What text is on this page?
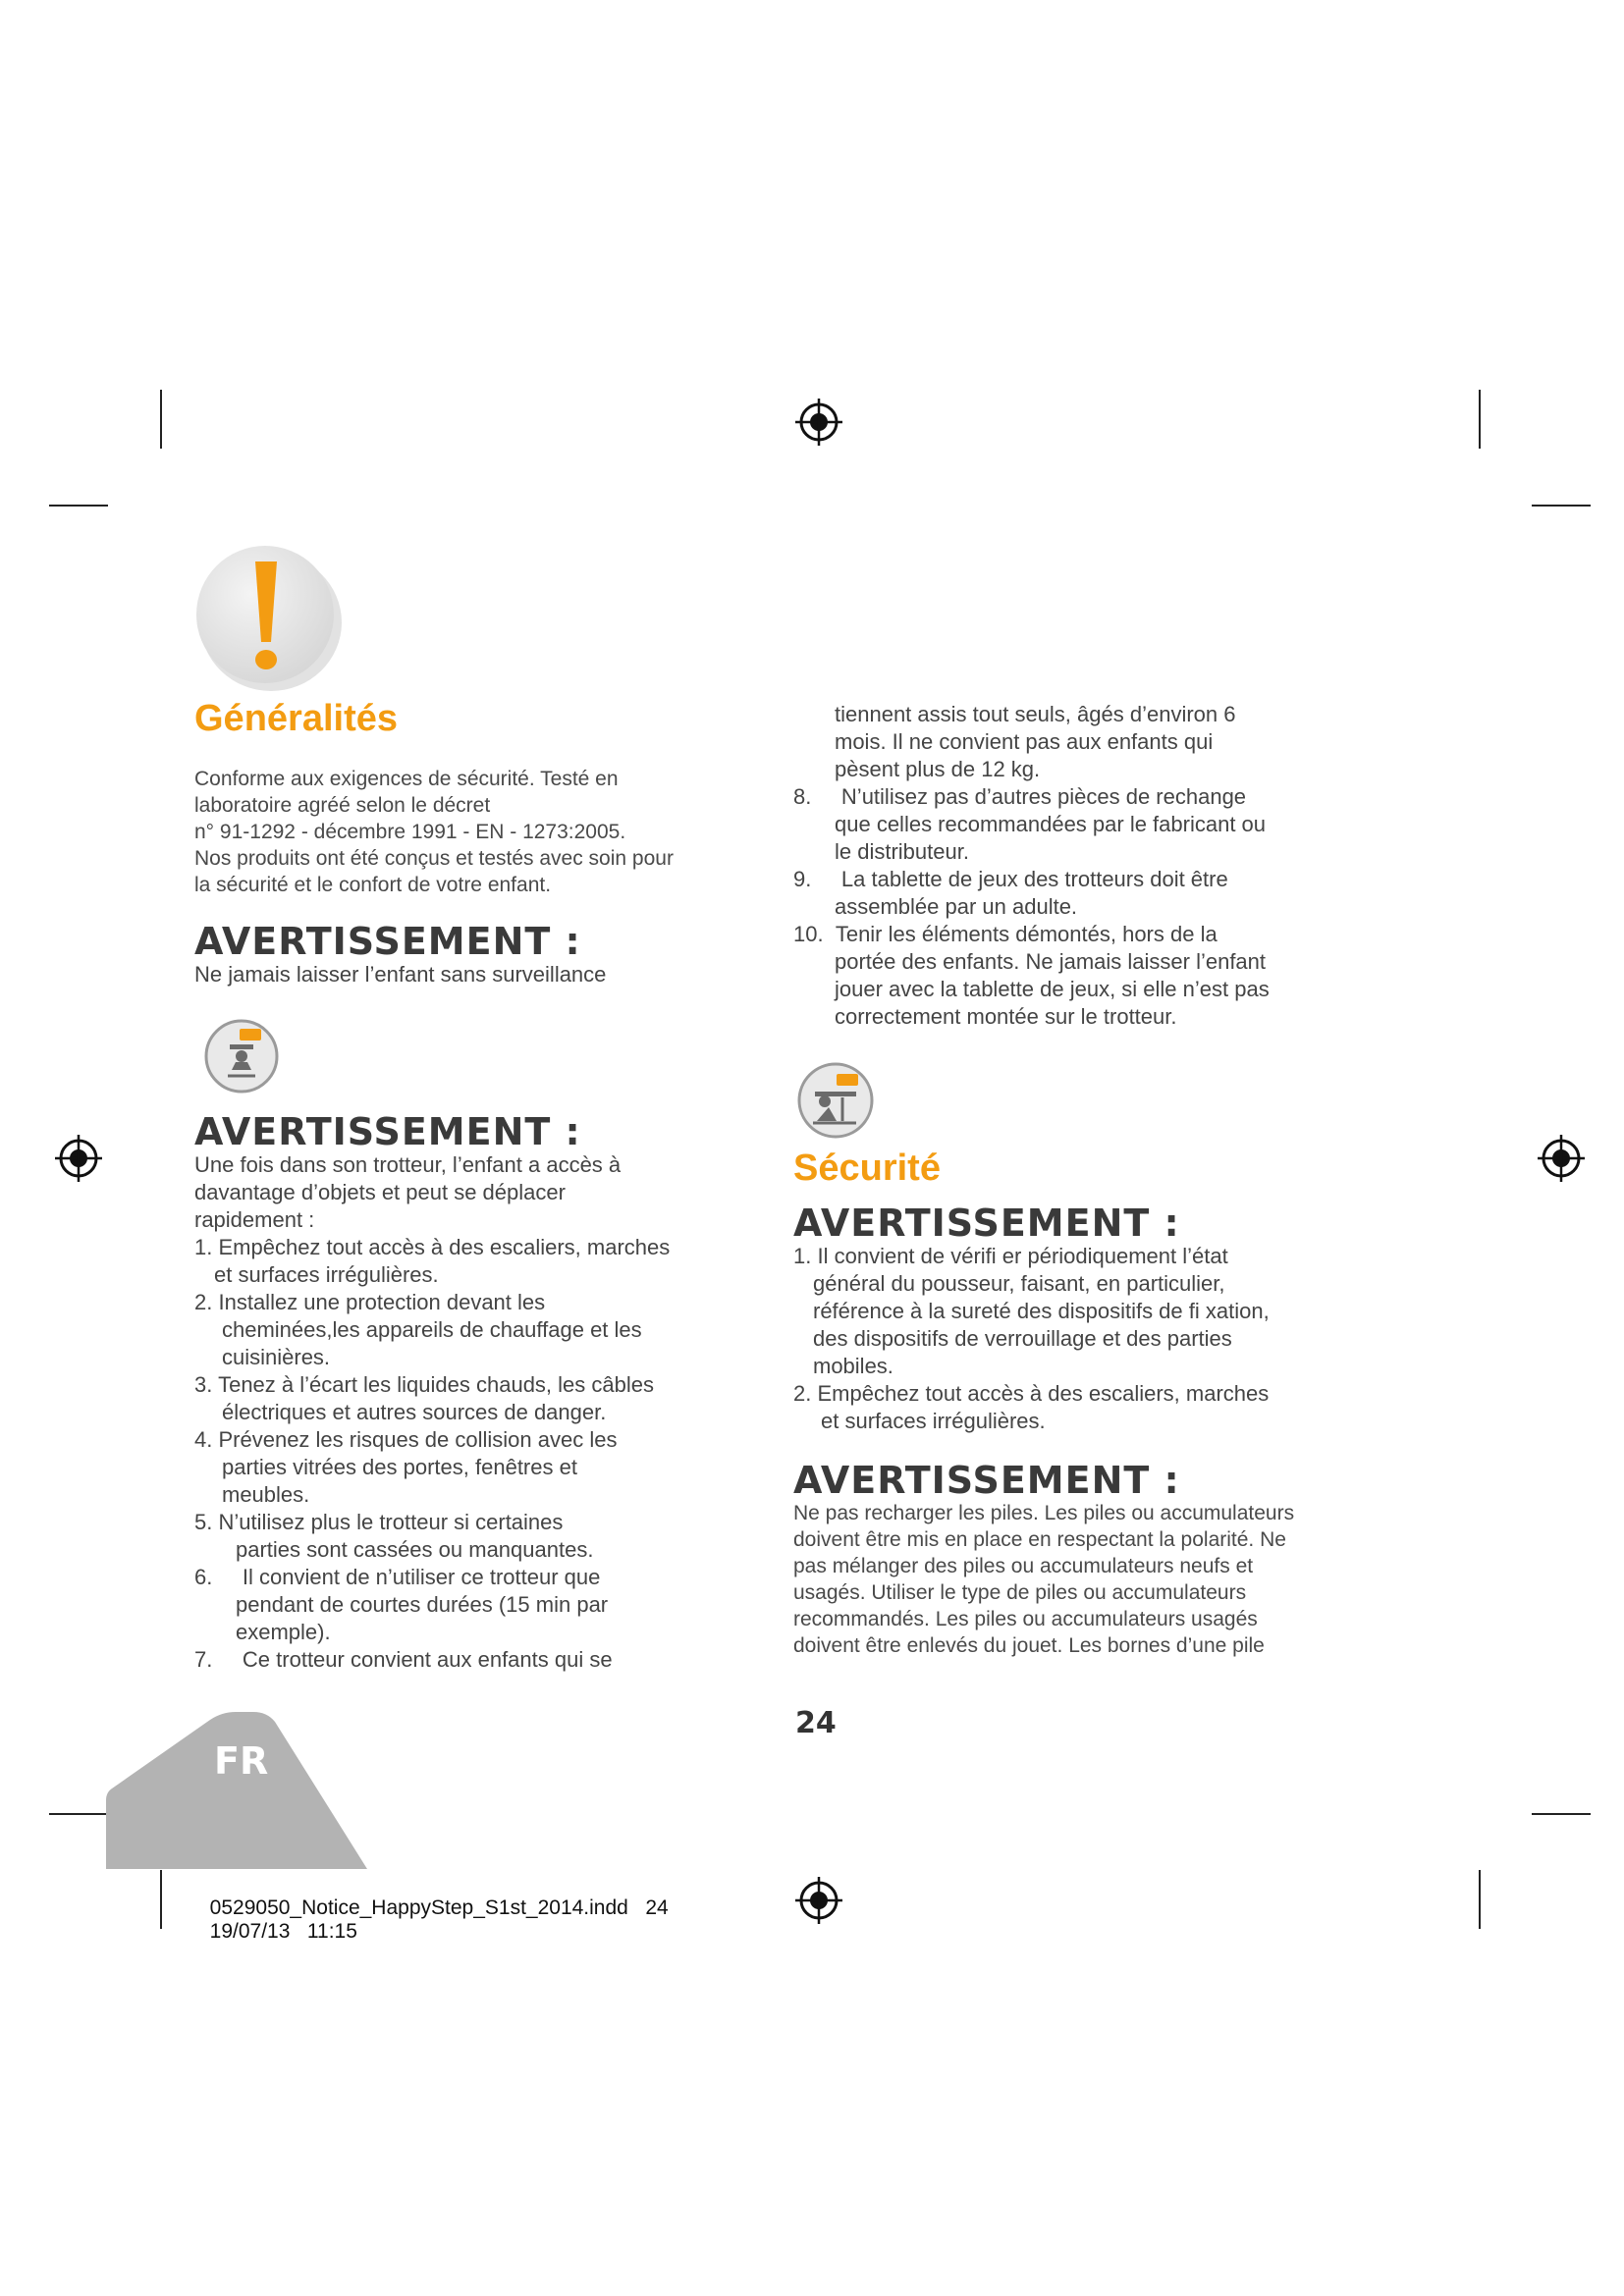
Généralités
Conforme aux exigences de sécurité. Testé en
laboratoire agréé selon le décret
n° 91-1292 - décembre 1991 - EN - 1273:2005.
Nos produits ont été conçus et testés avec soin pour
la sécurité et le confort de votre enfant.
AVERTISSEMENT :
Ne jamais laisser l’enfant sans surveillance
AVERTISSEMENT :
Une fois dans son trotteur, l’enfant a accès à
davantage d’objets et peut se déplacer
rapidement :
1. Empêchez tout accès à des escaliers, marches
et surfaces irrégulières.
2. Installez une protection devant les
cheminées,les appareils de chauffage et les
cuisinières.
3. Tenez à l’écart les liquides chauds, les câbles
électriques et autres sources de danger.
4. Prévenez les risques de collision avec les
parties vitrées des portes, fenêtres et
meubles.
5. N’utilisez plus le trotteur si certaines
parties sont cassées ou manquantes.
6. Il convient de n’utiliser ce trotteur que
pendant de courtes durées (15 min par
exemple).
7. Ce trotteur convient aux enfants qui se
tiennent assis tout seuls, âgés d’environ 6
mois. Il ne convient pas aux enfants qui
pèsent plus de 12 kg.
8. N’utilisez pas d’autres pièces de rechange
que celles recommandées par le fabricant ou
le distributeur.
9. La tablette de jeux des trotteurs doit être
assemblée par un adulte.
10. Tenir les éléments démontés, hors de la
portée des enfants. Ne jamais laisser l’enfant
jouer avec la tablette de jeux, si elle n’est pas
correctement montée sur le trotteur.
Sécurité
AVERTISSEMENT :
1. Il convient de vérifi er périodiquement l’état
général du pousseur, faisant, en particulier,
référence à la sureté des dispositifs de fi xation,
des dispositifs de verrouillage et des parties
mobiles.
2. Empêchez tout accès à des escaliers, marches
et surfaces irrégulières.
AVERTISSEMENT :
Ne pas recharger les piles. Les piles ou accumulateurs
doivent être mis en place en respectant la polarité. Ne
pas mélanger des piles ou accumulateurs neufs et
usagés. Utiliser le type de piles ou accumulateurs
recommandés. Les piles ou accumulateurs usagés
doivent être enlevés du jouet. Les bornes d’une pile
24
FR

0529050_Notice_HappyStep_S1st_2014.indd   24
19/07/13   11:15
